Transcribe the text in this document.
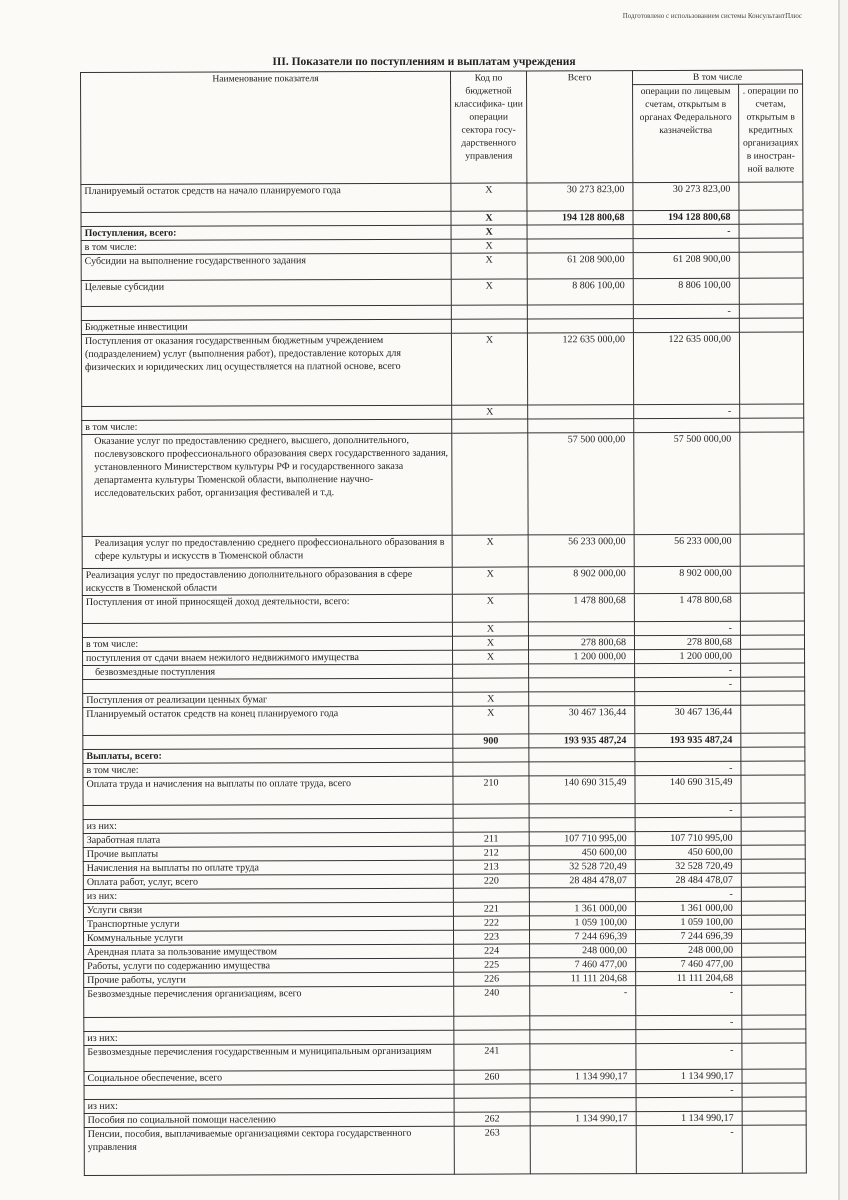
Подготовлено с использованием системы КонсультантПлюс
III. Показатели по поступлениям и выплатам учреждения
Наименование показателя	Код по бюджетной классифика- ции операции сектора госу- дарственного управления	Всего	В том числе	
			операции по лицевым счетам, открытым в органах Федерального казначейства	. операции по счетам, открытым в кредитных организациях в иностран- ной валюте
Планируемый остаток средств на начало планируемого года	X	30 273 823,00	30 273 823,00	
	X	194 128 800,68	194 128 800,68	
Поступления, всего:	X		-	
в том числе:	X			
Субсидии на выполнение государственного задания	X	61 208 900,00	61 208 900,00	
Целевые субсидии	X	8 806 100,00	8 806 100,00	
			-	
Бюджетные инвестиции				
Поступления от оказания государственным бюджетным учреждением (подразделением) услуг (выполнения работ), предоставление которых для физических и юридических лиц осуществляется на платной основе, всего	X	122 635 000,00	122 635 000,00	
	X		-	
в том числе:				
Оказание услуг по предоставлению среднего, высшего, дополнительного, послевузовского профессионального образования сверх государственного задания, установленного Министерством культуры РФ и государственного заказа департамента культуры Тюменской области, выполнение научно-исследовательских работ, организация фестивалей и т.д.		57 500 000,00	57 500 000,00	
Реализация услуг по предоставлению среднего профессионального образования в сфере культуры и искусств в Тюменской области	X	56 233 000,00	56 233 000,00	
Реализация услуг по предоставлению дополнительного образования в сфере искусств в Тюменской области	X	8 902 000,00	8 902 000,00	
Поступления от иной приносящей доход деятельности, всего:	X	1 478 800,68	1 478 800,68	
	X		-	
в том числе:	X	278 800,68	278 800,68	
поступления от сдачи внаем нежилого недвижимого имущества	X	1 200 000,00	1 200 000,00	
безвозмездные поступления			-	
			-	
Поступления от реализации ценных бумаг	X			
Планируемый остаток средств на конец планируемого года	X	30 467 136,44	30 467 136,44	
	900	193 935 487,24	193 935 487,24	
Выплаты, всего:				
в том числе:			-	
Оплата труда и начисления на выплаты по оплате труда, всего	210	140 690 315,49	140 690 315,49	
			-	
из них:				
Заработная плата	211	107 710 995,00	107 710 995,00	
Прочие выплаты	212	450 600,00	450 600,00	
Начисления на выплаты по оплате труда	213	32 528 720,49	32 528 720,49	
Оплата работ, услуг, всего	220	28 484 478,07	28 484 478,07	
из них:			-	
Услуги связи	221	1 361 000,00	1 361 000,00	
Транспортные услуги	222	1 059 100,00	1 059 100,00	
Коммунальные услуги	223	7 244 696,39	7 244 696,39	
Арендная плата за пользование имуществом	224	248 000,00	248 000,00	
Работы, услуги по содержанию имущества	225	7 460 477,00	7 460 477,00	
Прочие работы, услуги	226	11 111 204,68	11 111 204,68	
Безвозмездные перечисления организациям, всего	240	-	-	
			-	
из них:				
Безвозмездные перечисления государственным и муниципальным организациям	241		-	
Социальное обеспечение, всего	260	1 134 990,17	1 134 990,17	
			-	
из них:				
Пособия по социальной помощи населению	262	1 134 990,17	1 134 990,17	
Пенсии, пособия, выплачиваемые организациями сектора государственного управления	263		-	
